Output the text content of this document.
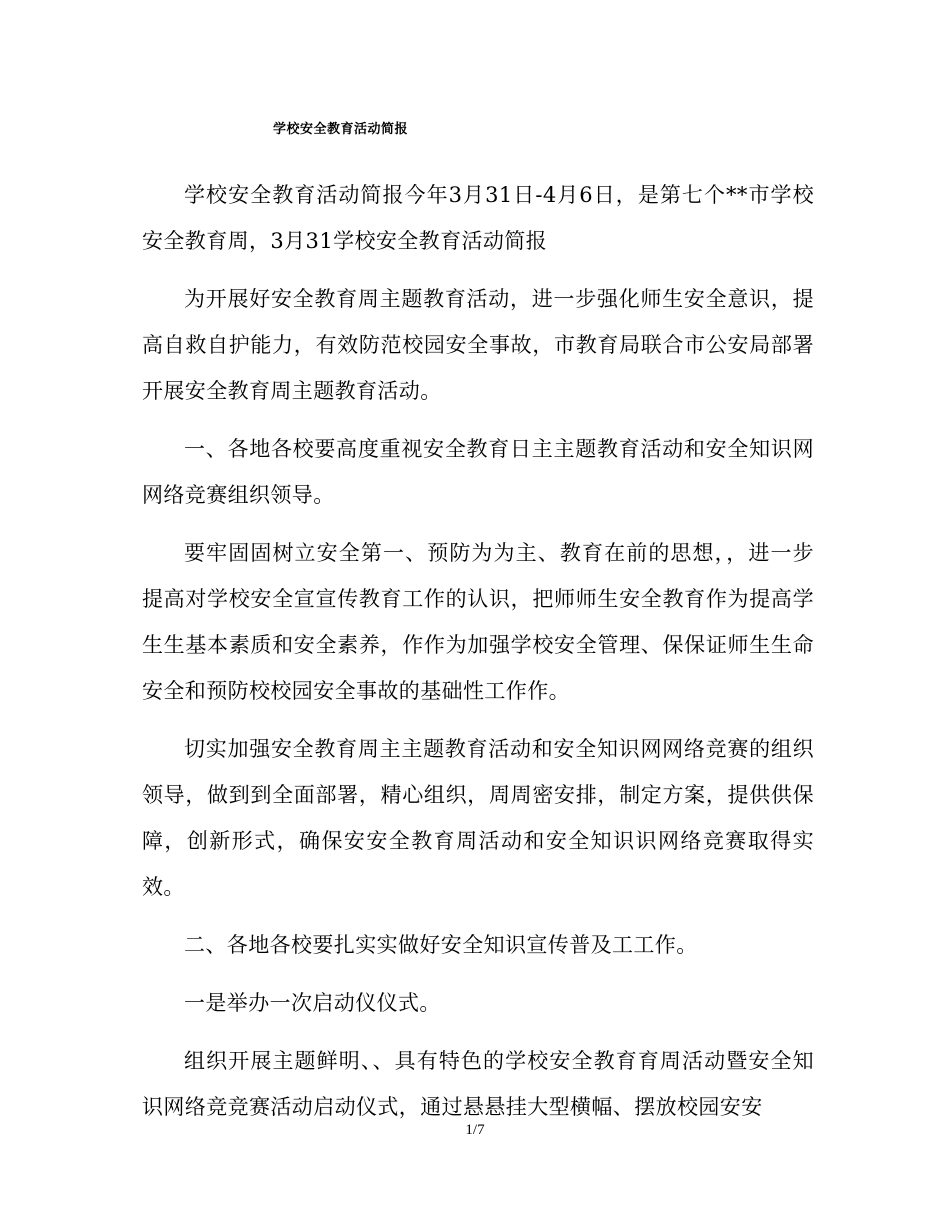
学校安全教育活动简报

学校安全教育活动简报今年3月31日-4月6日，是第七个**市学校安全教育周，3月31学校安全教育活动简报

为开展好安全教育周主题教育活动，进一步强化师生安全意识，提高自救自护能力，有效防范校园安全事故，市教育局联合市公安局部署开展安全教育周主题教育活动。

一、各地各校要高度重视安全教育日主主题教育活动和安全知识网网络竞赛组织领导。

要牢固固树立安全第一、预防为为主、教育在前的思想，，进一步提高对学校安全宣宣传教育工作的认识，把师师生安全教育作为提高学生生基本素质和安全素养，作作为加强学校安全管理、保保证师生生命安全和预防校校园安全事故的基础性工作作。

切实加强安全教育周主主题教育活动和安全知识网网络竞赛的组织领导，做到到全面部署，精心组织，周周密安排，制定方案，提供供保障，创新形式，确保安安全教育周活动和安全知识识网络竞赛取得实效。

二、各地各校要扎实实做好安全知识宣传普及工工作。

一是举办一次启动仪仪式。

组织开展主题鲜明、、具有特色的学校安全教育育周活动暨安全知识网络竞竞赛活动启动仪式，通过悬悬挂大型横幅、摆放校园安安

1/7
